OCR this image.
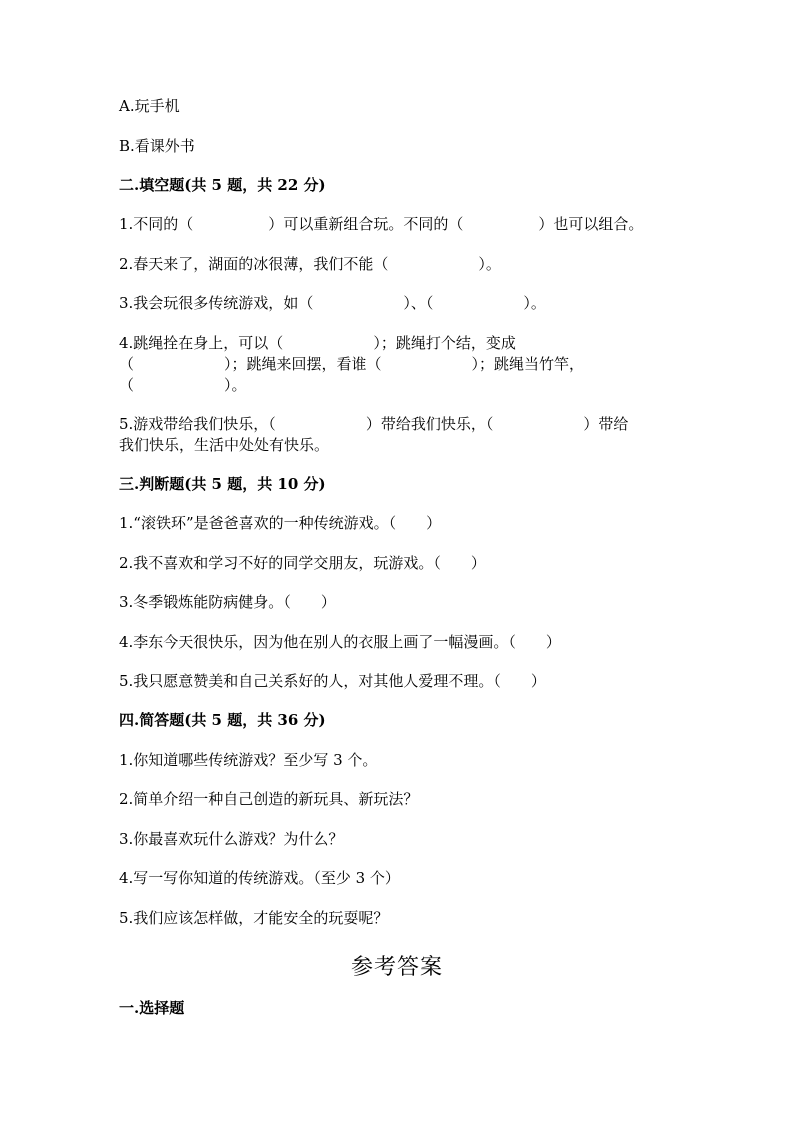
A.玩手机
B.看课外书
二.填空题(共 5 题，共 22 分)
1.不同的（　　　　　）可以重新组合玩。不同的（　　　　　）也可以组合。
2.春天来了，湖面的冰很薄，我们不能（　　　　　　）。
3.我会玩很多传统游戏，如（　　　　　　）、（　　　　　　）。
4.跳绳拴在身上，可以（　　　　　　）；跳绳打个结，变成
（　　　　　　）；跳绳来回摆，看谁（　　　　　　）；跳绳当竹竿，
（　　　　　　）。
5.游戏带给我们快乐，（　　　　　　）带给我们快乐，（　　　　　　）带给
我们快乐，生活中处处有快乐。
三.判断题(共 5 题，共 10 分)
1.“滚铁环”是爸爸喜欢的一种传统游戏。（　　）
2.我不喜欢和学习不好的同学交朋友，玩游戏。（　　）
3.冬季锻炼能防病健身。（　　）
4.李东今天很快乐，因为他在别人的衣服上画了一幅漫画。（　　）
5.我只愿意赞美和自己关系好的人，对其他人爱理不理。（　　）
四.简答题(共 5 题，共 36 分)
1.你知道哪些传统游戏？至少写 3 个。
2.简单介绍一种自己创造的新玩具、新玩法？
3.你最喜欢玩什么游戏？为什么？
4.写一写你知道的传统游戏。（至少 3 个）
5.我们应该怎样做，才能安全的玩耍呢？
参考答案
一.选择题
